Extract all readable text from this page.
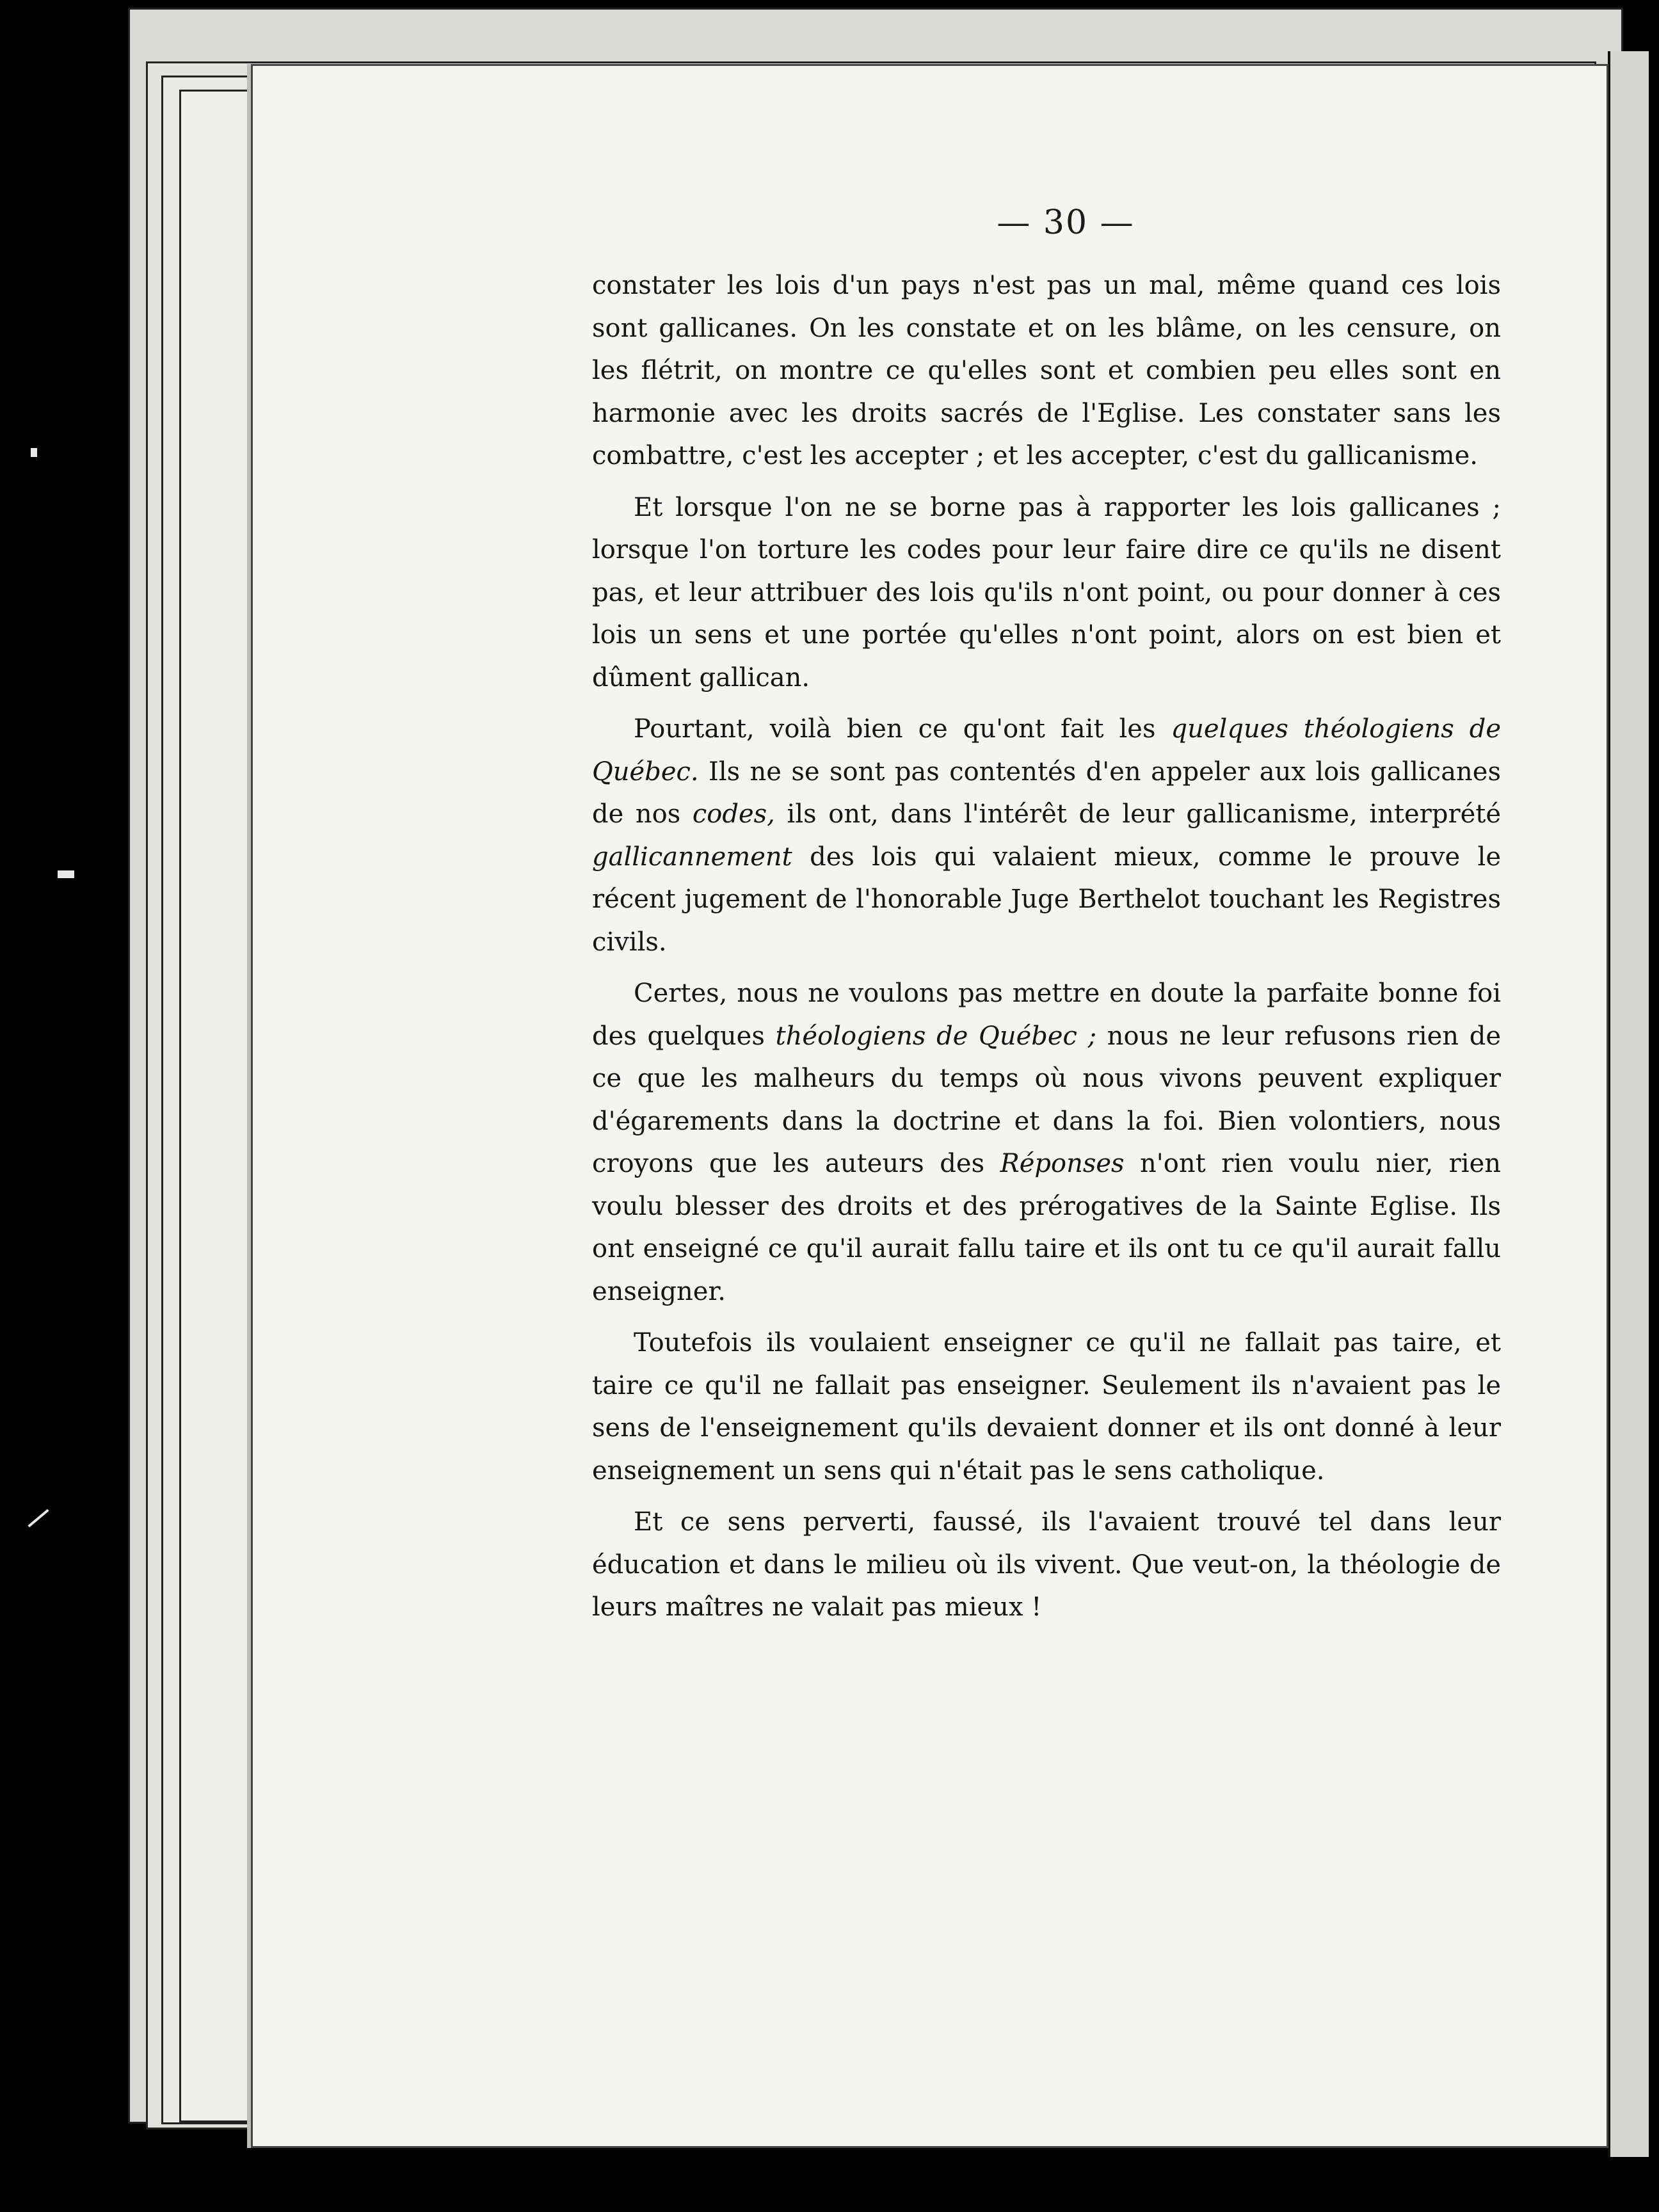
— 30 —

constater les lois d'un pays n'est pas un mal, même quand ces lois sont gallicanes. On les constate et on les blâme, on les censure, on les flétrit, on montre ce qu'elles sont et combien peu elles sont en harmonie avec les droits sacrés de l'Eglise. Les constater sans les combattre, c'est les accepter ; et les accepter, c'est du gallicanisme.

Et lorsque l'on ne se borne pas à rapporter les lois gallicanes ; lorsque l'on torture les codes pour leur faire dire ce qu'ils ne disent pas, et leur attribuer des lois qu'ils n'ont point, ou pour donner à ces lois un sens et une portée qu'elles n'ont point, alors on est bien et dûment gallican.

Pourtant, voilà bien ce qu'ont fait les quelques théologiens de Québec. Ils ne se sont pas contentés d'en appeler aux lois gallicanes de nos codes, ils ont, dans l'intérêt de leur gallicanisme, interprété gallicannement des lois qui valaient mieux, comme le prouve le récent jugement de l'honorable Juge Berthelot touchant les Registres civils.

Certes, nous ne voulons pas mettre en doute la parfaite bonne foi des quelques théologiens de Québec ; nous ne leur refusons rien de ce que les malheurs du temps où nous vivons peuvent expliquer d'égarements dans la doctrine et dans la foi. Bien volontiers, nous croyons que les auteurs des Réponses n'ont rien voulu nier, rien voulu blesser des droits et des prérogatives de la Sainte Eglise. Ils ont enseigné ce qu'il aurait fallu taire et ils ont tu ce qu'il aurait fallu enseigner.

Toutefois ils voulaient enseigner ce qu'il ne fallait pas taire, et taire ce qu'il ne fallait pas enseigner. Seulement ils n'avaient pas le sens de l'enseignement qu'ils devaient donner et ils ont donné à leur enseignement un sens qui n'était pas le sens catholique.

Et ce sens perverti, faussé, ils l'avaient trouvé tel dans leur éducation et dans le milieu où ils vivent. Que veut-on, la théologie de leurs maîtres ne valait pas mieux !
